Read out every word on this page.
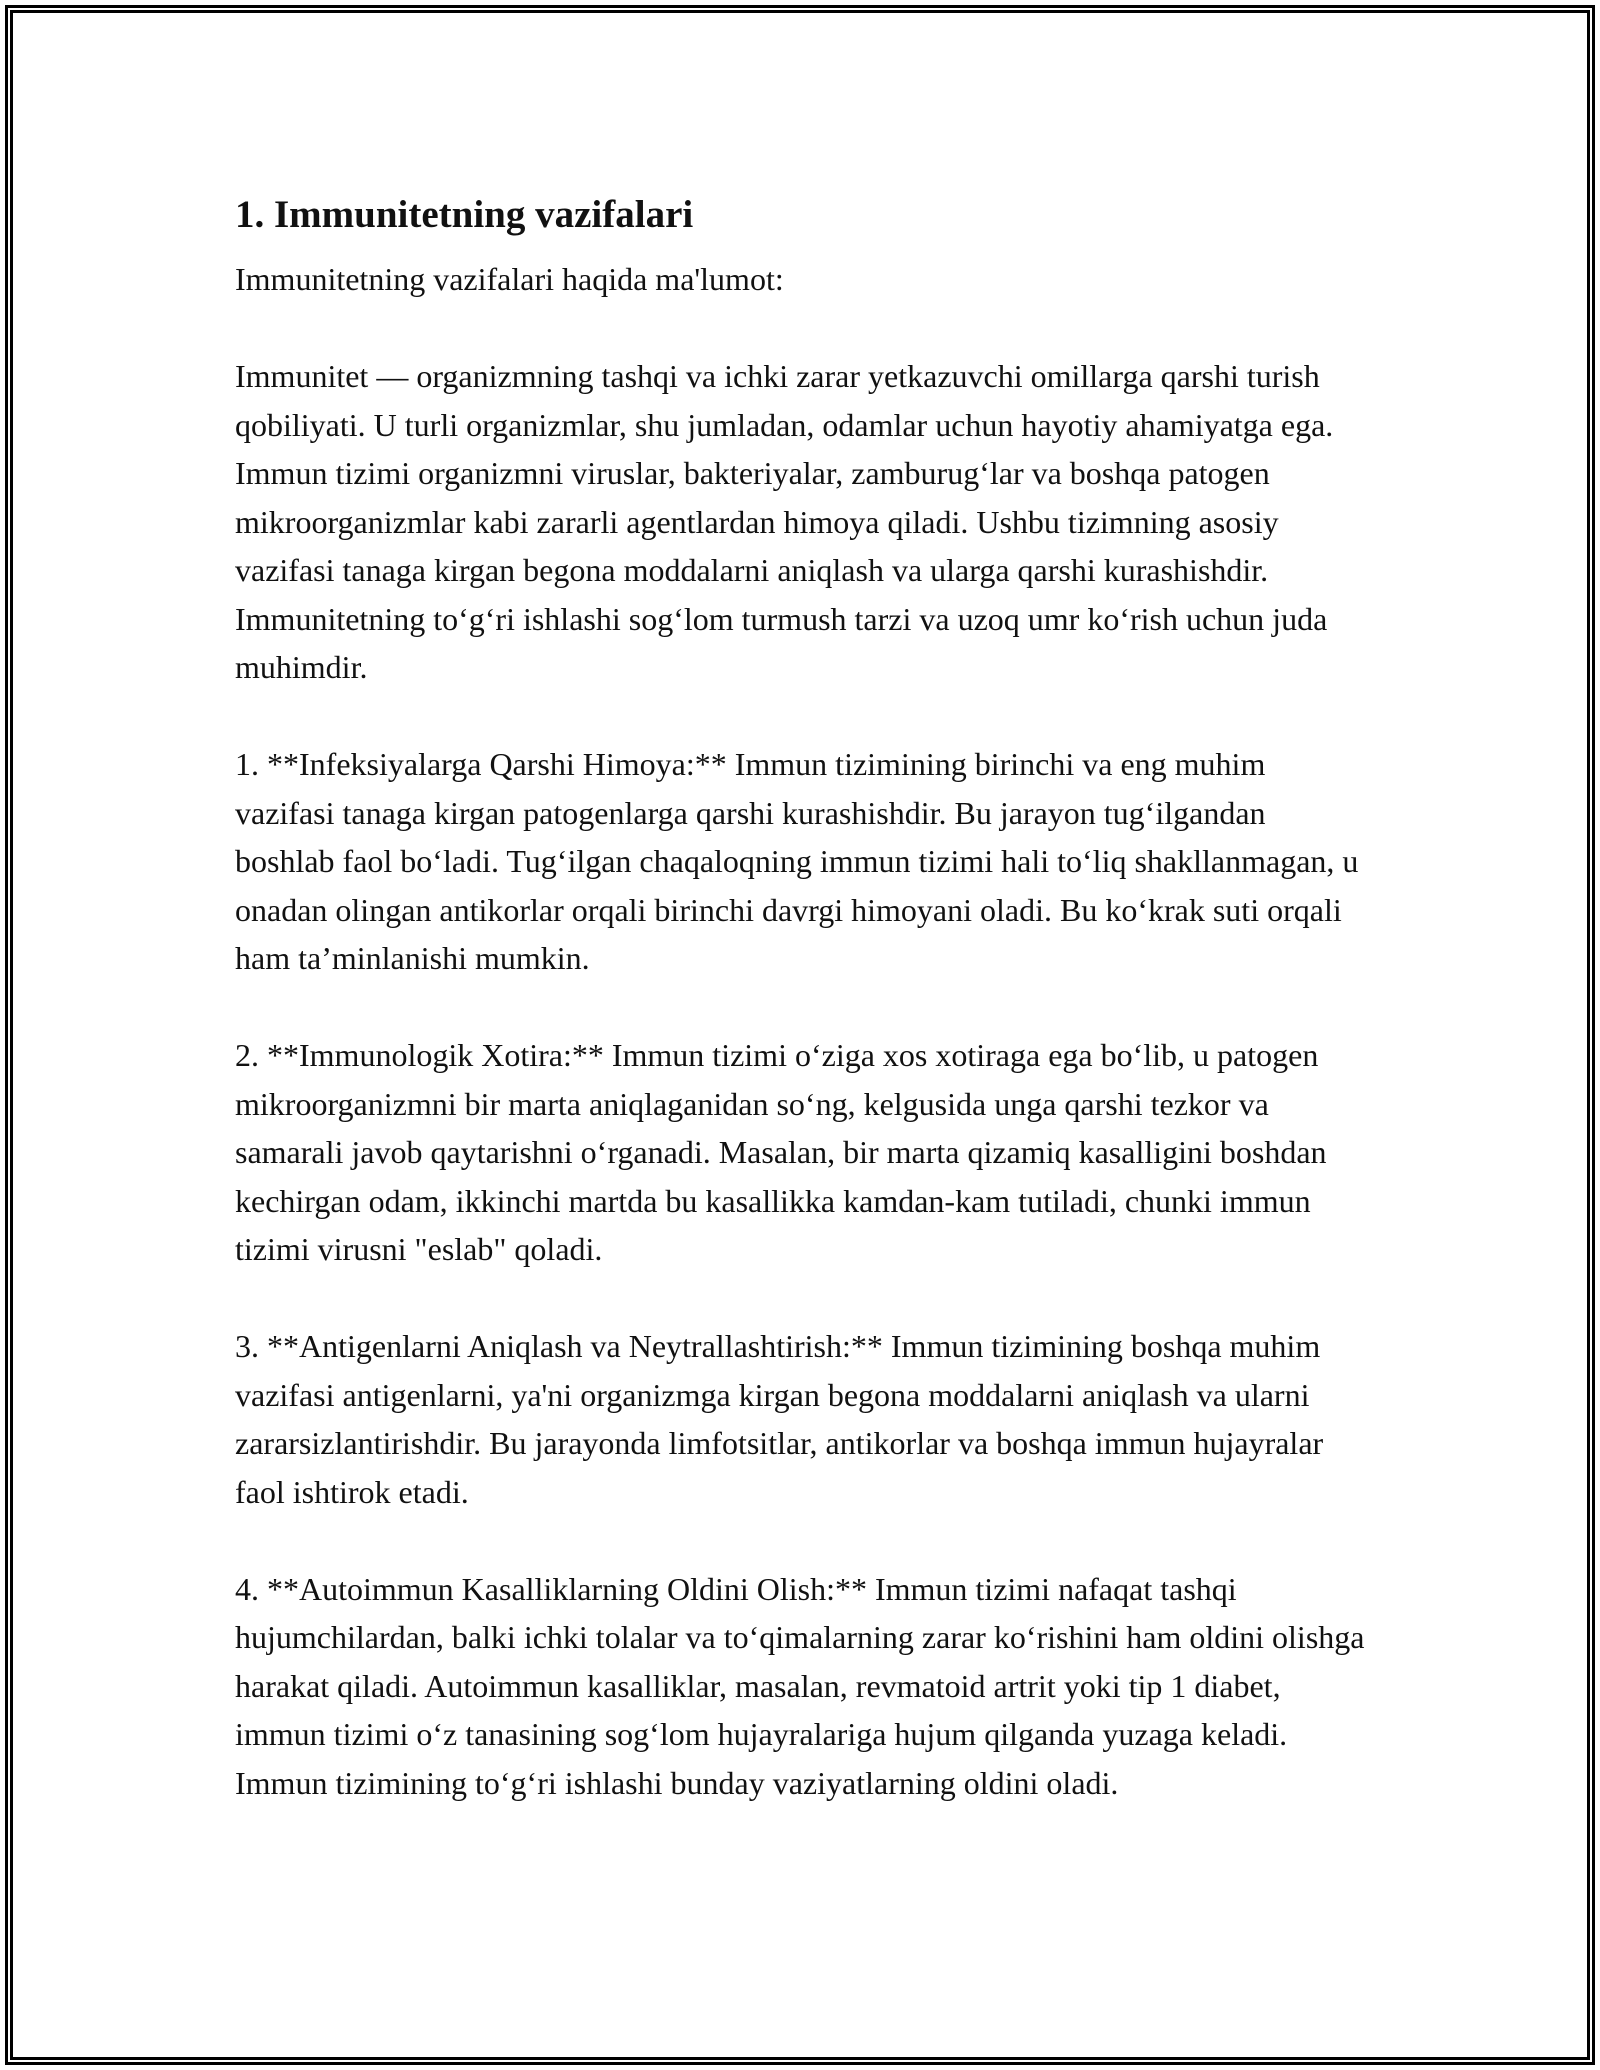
1. Immunitetning vazifalari

Immunitetning vazifalari haqida ma'lumot:

Immunitet — organizmning tashqi va ichki zarar yetkazuvchi omillarga qarshi turish qobiliyati. U turli organizmlar, shu jumladan, odamlar uchun hayotiy ahamiyatga ega. Immun tizimi organizmni viruslar, bakteriyalar, zamburug‘lar va boshqa patogen mikroorganizmlar kabi zararli agentlardan himoya qiladi. Ushbu tizimning asosiy vazifasi tanaga kirgan begona moddalarni aniqlash va ularga qarshi kurashishdir. Immunitetning to‘g‘ri ishlashi sog‘lom turmush tarzi va uzoq umr ko‘rish uchun juda muhimdir.

1. **Infeksiyalarga Qarshi Himoya:** Immun tizimining birinchi va eng muhim vazifasi tanaga kirgan patogenlarga qarshi kurashishdir. Bu jarayon tug‘ilgandan boshlab faol bo‘ladi. Tug‘ilgan chaqaloqning immun tizimi hali to‘liq shakllanmagan, u onadan olingan antikorlar orqali birinchi davrgi himoyani oladi. Bu ko‘krak suti orqali ham ta’minlanishi mumkin.

2. **Immunologik Xotira:** Immun tizimi o‘ziga xos xotiraga ega bo‘lib, u patogen mikroorganizmni bir marta aniqlaganidan so‘ng, kelgusida unga qarshi tezkor va samarali javob qaytarishni o‘rganadi. Masalan, bir marta qizamiq kasalligini boshdan kechirgan odam, ikkinchi martda bu kasallikka kamdan-kam tutiladi, chunki immun tizimi virusni "eslab" qoladi.

3. **Antigenlarni Aniqlash va Neytrallashtirish:** Immun tizimining boshqa muhim vazifasi antigenlarni, ya'ni organizmga kirgan begona moddalarni aniqlash va ularni zararsizlantirishdir. Bu jarayonda limfotsitlar, antikorlar va boshqa immun hujayralar faol ishtirok etadi.

4. **Autoimmun Kasalliklarning Oldini Olish:** Immun tizimi nafaqat tashqi hujumchilardan, balki ichki tolalar va to‘qimalarning zarar ko‘rishini ham oldini olishga harakat qiladi. Autoimmun kasalliklar, masalan, revmatoid artrit yoki tip 1 diabet, immun tizimi o‘z tanasining sog‘lom hujayralariga hujum qilganda yuzaga keladi. Immun tizimining to‘g‘ri ishlashi bunday vaziyatlarning oldini oladi.
